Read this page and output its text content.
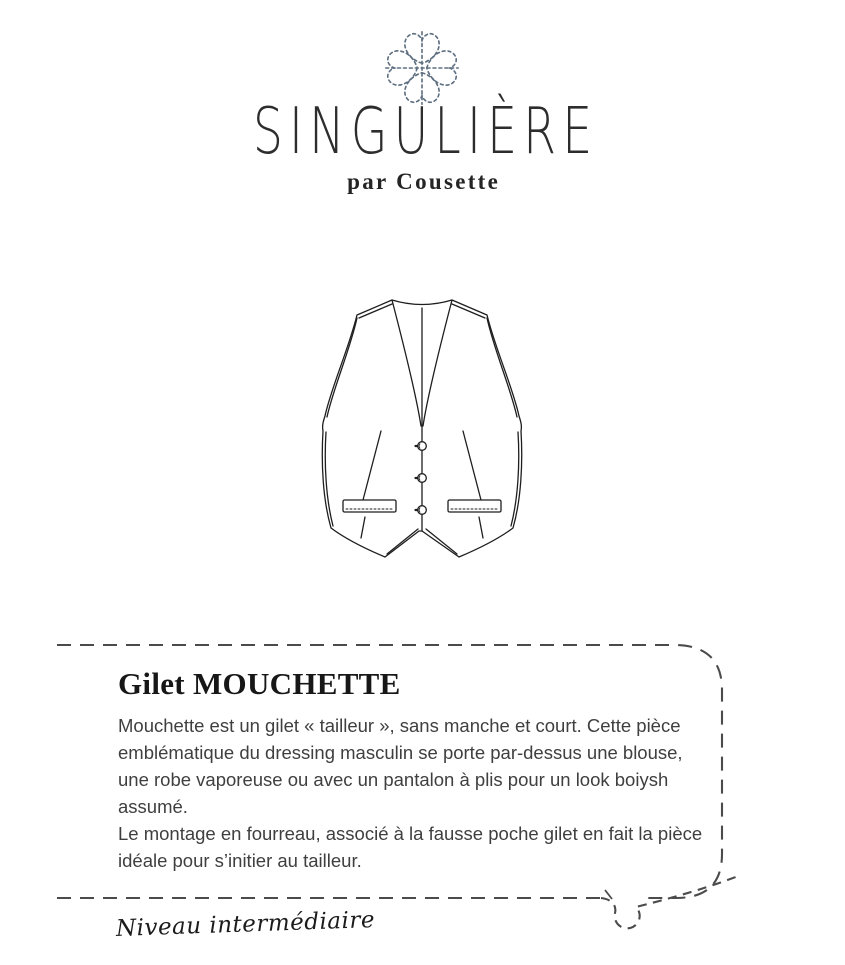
SINGULIÈRE
par Cousette
Gilet MOUCHETTE
Mouchette est un gilet « tailleur », sans manche et court. Cette pièce
emblématique du dressing masculin se porte par-dessus une blouse,
une robe vaporeuse ou avec un pantalon à plis pour un look boiysh
assumé.
Le montage en fourreau, associé à la fausse poche gilet en fait la pièce
idéale pour s’initier au tailleur.
Niveau intermédiaire
